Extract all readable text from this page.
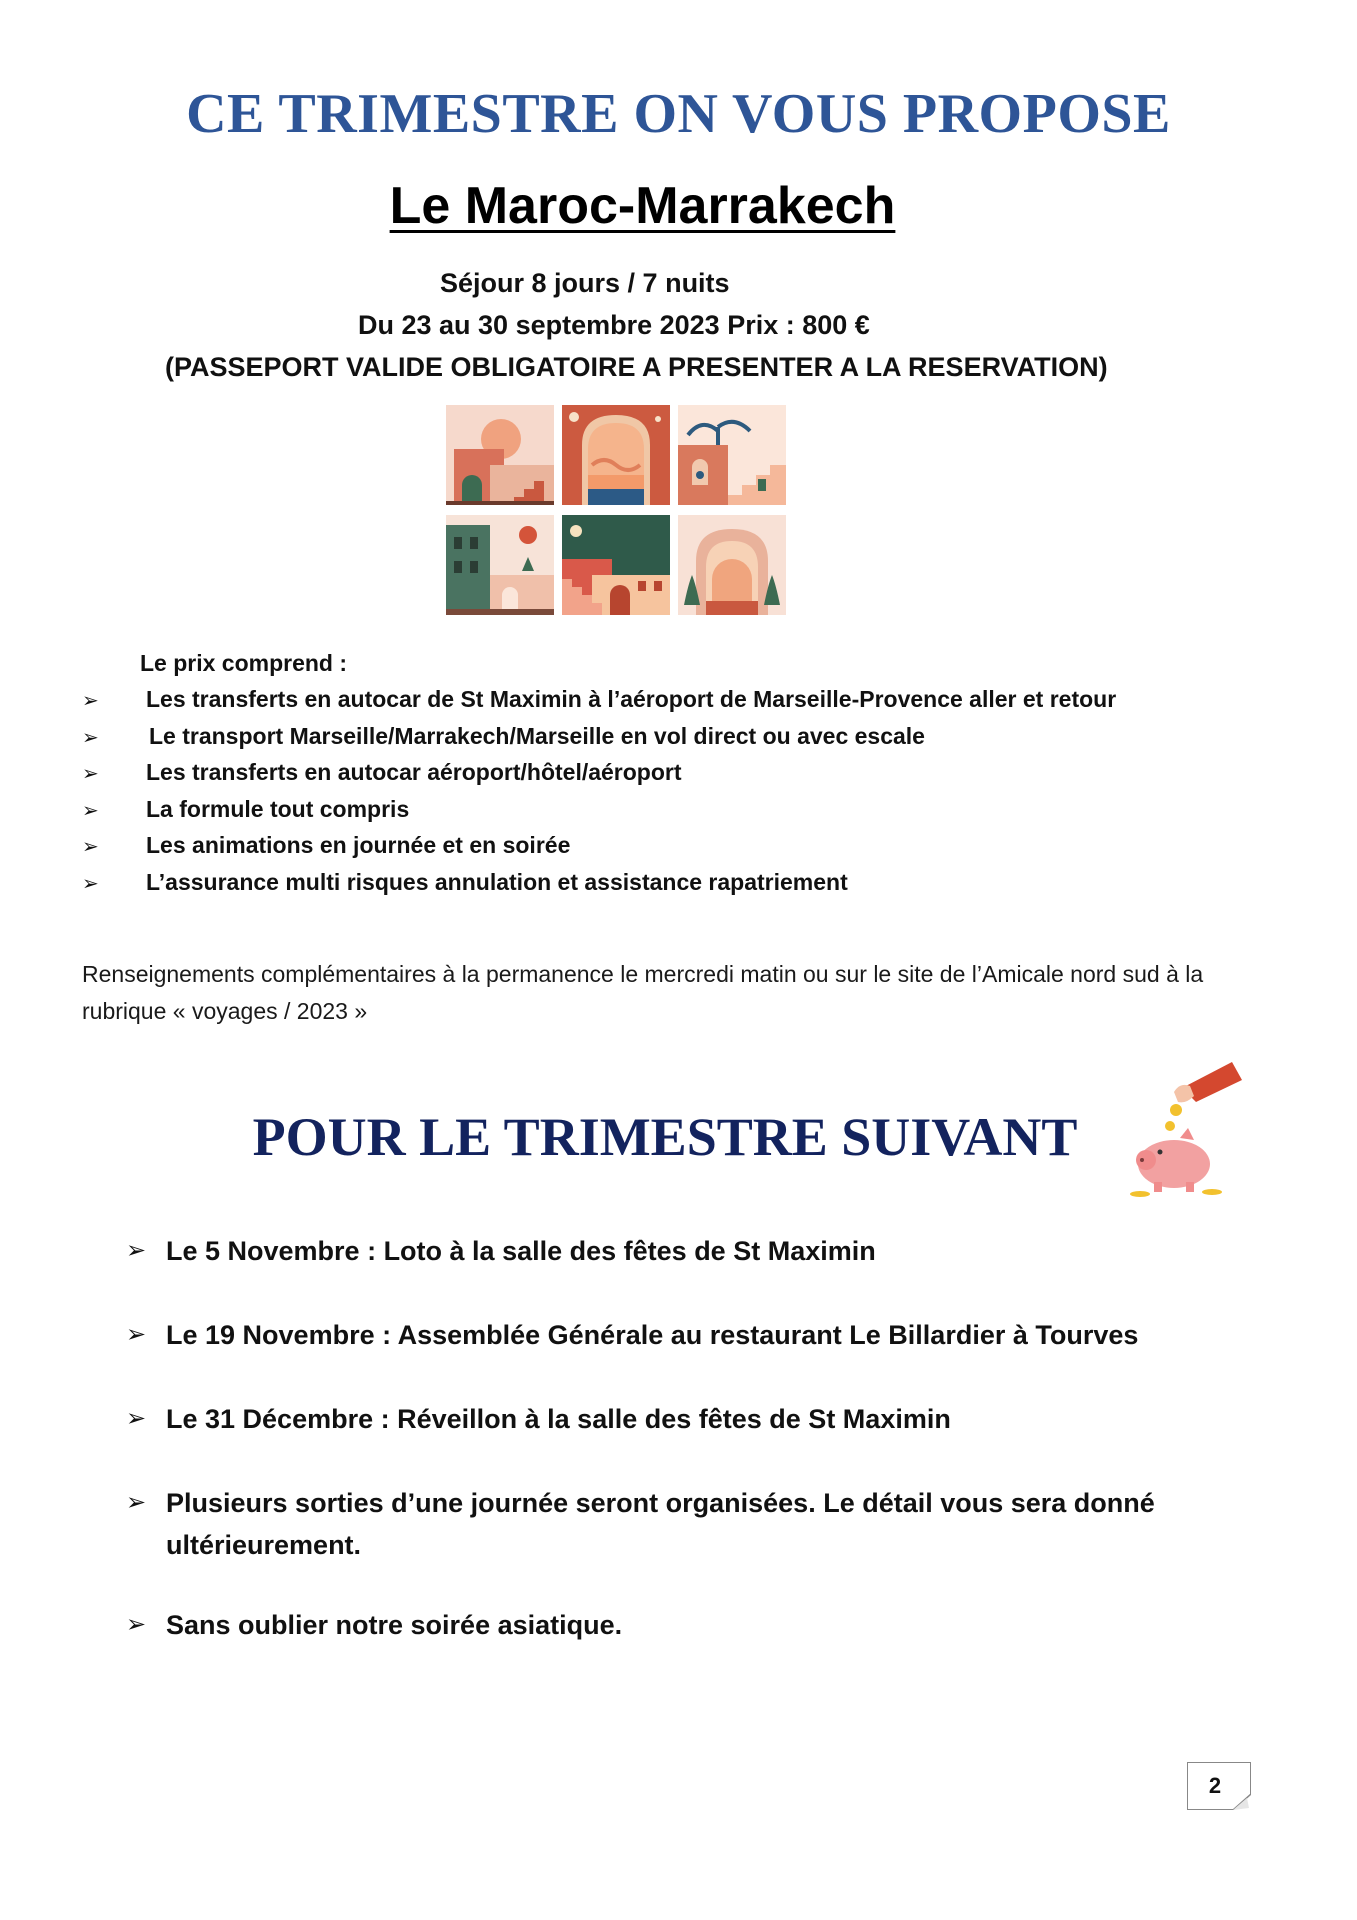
CE TRIMESTRE ON VOUS PROPOSE
Le Maroc-Marrakech
Séjour 8 jours / 7 nuits
Du 23 au 30 septembre 2023 Prix : 800 €
(PASSEPORT VALIDE OBLIGATOIRE A PRESENTER A LA RESERVATION)
Le prix comprend :
➢ Les transferts en autocar de St Maximin à l’aéroport de Marseille-Provence aller et retour
➢ Le transport Marseille/Marrakech/Marseille en vol direct ou avec escale
➢ Les transferts en autocar aéroport/hôtel/aéroport
➢ La formule tout compris
➢ Les animations en journée et en soirée
➢ L’assurance multi risques annulation et assistance rapatriement
Renseignements complémentaires à la permanence le mercredi matin ou sur le site de l’Amicale nord sud à la rubrique « voyages / 2023 »
POUR LE TRIMESTRE SUIVANT
➢ Le 5 Novembre : Loto à la salle des fêtes de St Maximin
➢ Le 19 Novembre : Assemblée Générale au restaurant Le Billardier à Tourves
➢ Le 31 Décembre : Réveillon à la salle des fêtes de St Maximin
➢ Plusieurs sorties d’une journée seront organisées. Le détail vous sera donné ultérieurement.
➢ Sans oublier notre soirée asiatique.
2
